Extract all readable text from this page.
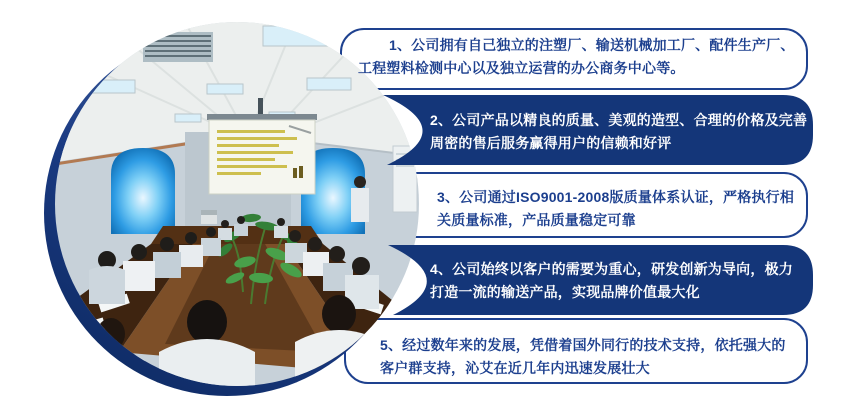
1、公司拥有自己独立的注塑厂、输送机械加工厂、配件生产厂、

工程塑料检测中心以及独立运营的办公商务中心等。

2、公司产品以精良的质量、美观的造型、合理的价格及完善

周密的售后服务赢得用户的信赖和好评

3、公司通过ISO9001-2008版质量体系认证，严格执行相

关质量标准，产品质量稳定可靠

4、公司始终以客户的需要为重心，研发创新为导向，极力

打造一流的输送产品，实现品牌价值最大化

5、经过数年来的发展，凭借着国外同行的技术支持，依托强大的

客户群支持，沁艾在近几年内迅速发展壮大
